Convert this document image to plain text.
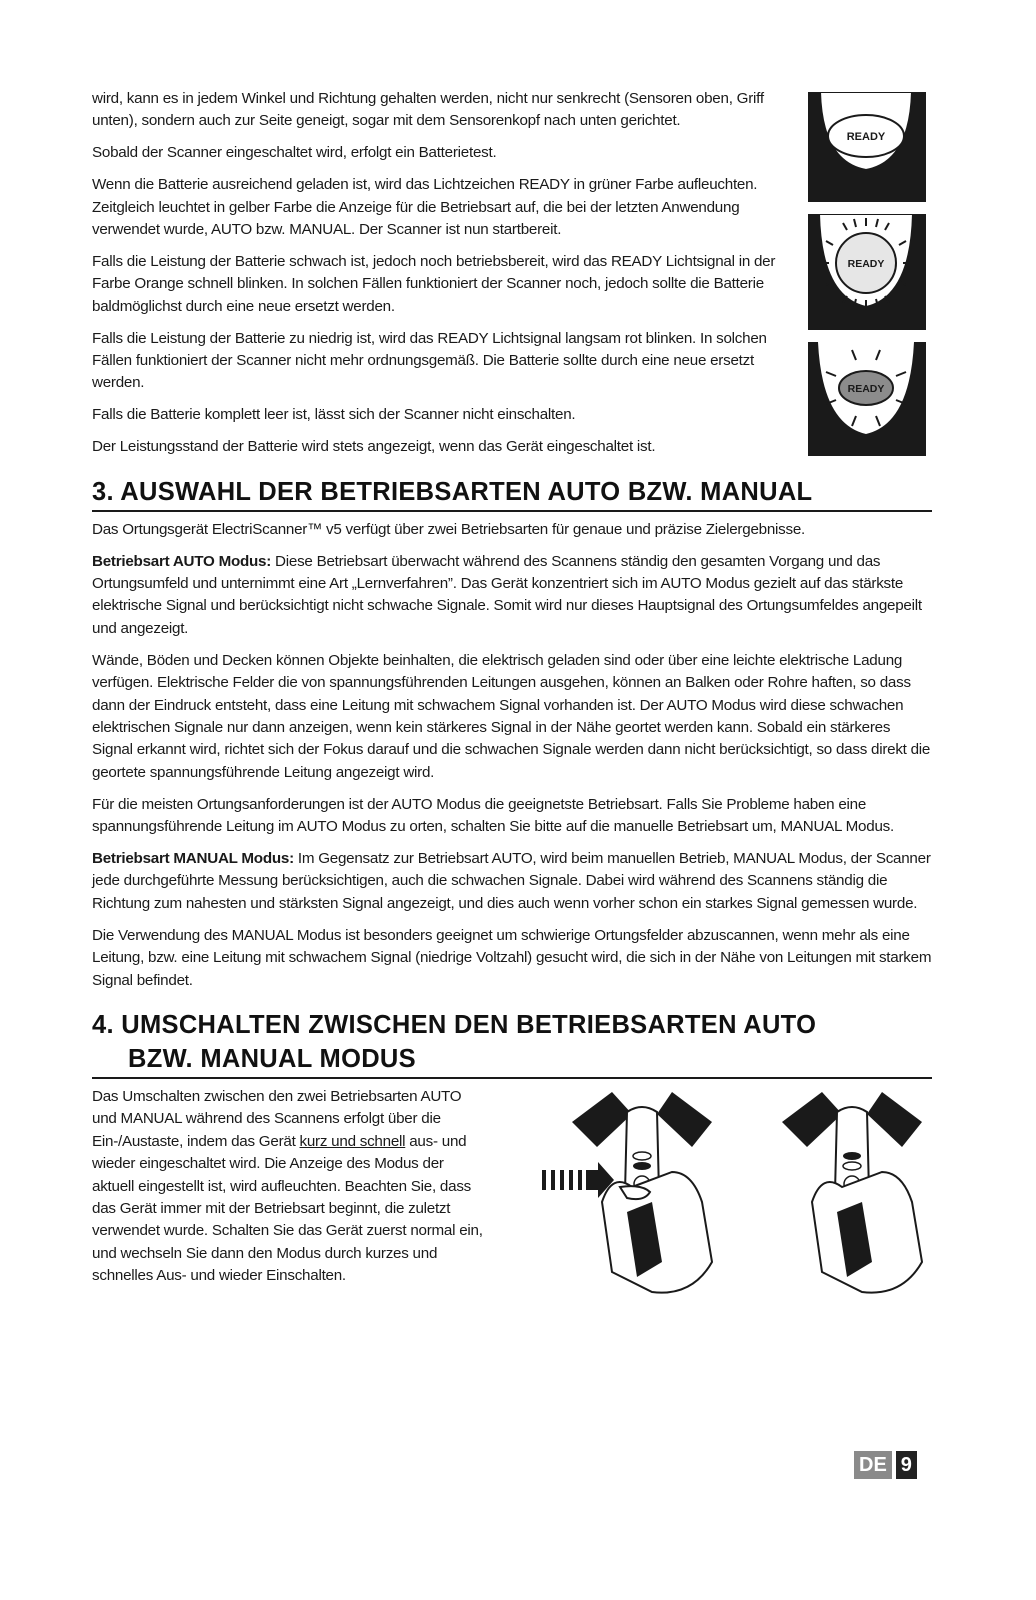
wird, kann es in jedem Winkel und Richtung gehalten werden, nicht nur senkrecht (Sensoren oben, Griff unten), sondern auch zur Seite geneigt, sogar mit dem Sensorenkopf nach unten gerichtet.

Sobald der Scanner eingeschaltet wird, erfolgt ein Batterietest.

Wenn die Batterie ausreichend geladen ist, wird das Lichtzeichen READY in grüner Farbe aufleuchten. Zeitgleich leuchtet in gelber Farbe die Anzeige für die Betriebsart auf, die bei der letzten Anwendung verwendet wurde, AUTO bzw. MANUAL. Der Scanner ist nun startbereit.

Falls die Leistung der Batterie schwach ist, jedoch noch betriebsbereit, wird das READY Lichtsignal in der Farbe Orange schnell blinken. In solchen Fällen funktioniert der Scanner noch, jedoch sollte die Batterie baldmöglichst durch eine neue ersetzt werden.

Falls die Leistung der Batterie zu niedrig ist, wird das READY Lichtsignal langsam rot blinken. In solchen Fällen funktioniert der Scanner nicht mehr ordnungsgemäß. Die Batterie sollte durch eine neue ersetzt werden.

Falls die Batterie komplett leer ist, lässt sich der Scanner nicht einschalten.

Der Leistungsstand der Batterie wird stets angezeigt, wenn das Gerät eingeschaltet ist.

3. AUSWAHL DER BETRIEBSARTEN AUTO BZW. MANUAL

Das Ortungsgerät ElectriScanner™ v5 verfügt über zwei Betriebsarten für genaue und präzise Zielergebnisse.

Betriebsart AUTO Modus: Diese Betriebsart überwacht während des Scannens ständig den gesamten Vorgang und das Ortungsumfeld und unternimmt eine Art „Lernverfahren”. Das Gerät konzentriert sich im AUTO Modus gezielt auf das stärkste elektrische Signal und berücksichtigt nicht schwache Signale. Somit wird nur dieses Hauptsignal des Ortungsumfeldes angepeilt und angezeigt.

Wände, Böden und Decken können Objekte beinhalten, die elektrisch geladen sind oder über eine leichte elektrische Ladung verfügen. Elektrische Felder die von spannungsführenden Leitungen ausgehen, können an Balken oder Rohre haften, so dass dann der Eindruck entsteht, dass eine Leitung mit schwachem Signal vorhanden ist. Der AUTO Modus wird diese schwachen elektrischen Signale nur dann anzeigen, wenn kein stärkeres Signal in der Nähe geortet werden kann. Sobald ein stärkeres Signal erkannt wird, richtet sich der Fokus darauf und die schwachen Signale werden dann nicht berücksichtigt, so dass direkt die geortete spannungsführende Leitung angezeigt wird.

Für die meisten Ortungsanforderungen ist der AUTO Modus die geeignetste Betriebsart. Falls Sie Probleme haben eine spannungsführende Leitung im AUTO Modus zu orten, schalten Sie bitte auf die manuelle Betriebsart um, MANUAL Modus.

Betriebsart MANUAL Modus: Im Gegensatz zur Betriebsart AUTO, wird beim manuellen Betrieb, MANUAL Modus, der Scanner jede durchgeführte Messung berücksichtigen, auch die schwachen Signale. Dabei wird während des Scannens ständig die Richtung zum nahesten und stärksten Signal angezeigt, und dies auch wenn vorher schon ein starkes Signal gemessen wurde.

Die Verwendung des MANUAL Modus ist besonders geeignet um schwierige Ortungsfelder abzuscannen, wenn mehr als eine Leitung, bzw. eine Leitung mit schwachem Signal (niedrige Voltzahl) gesucht wird, die sich in der Nähe von Leitungen mit starkem Signal befindet.

4. UMSCHALTEN ZWISCHEN DEN BETRIEBSARTEN AUTO
BZW. MANUAL MODUS

Das Umschalten zwischen den zwei Betriebsarten AUTO und MANUAL während des Scannens erfolgt über die Ein-/Austaste, indem das Gerät kurz und schnell aus- und wieder eingeschaltet wird. Die Anzeige des Modus der aktuell eingestellt ist, wird aufleuchten. Beachten Sie, dass das Gerät immer mit der Betriebsart beginnt, die zuletzt verwendet wurde. Schalten Sie das Gerät zuerst normal ein, und wechseln Sie dann den Modus durch kurzes und schnelles Aus- und wieder Einschalten.

READY
READY
READY
DE 9
